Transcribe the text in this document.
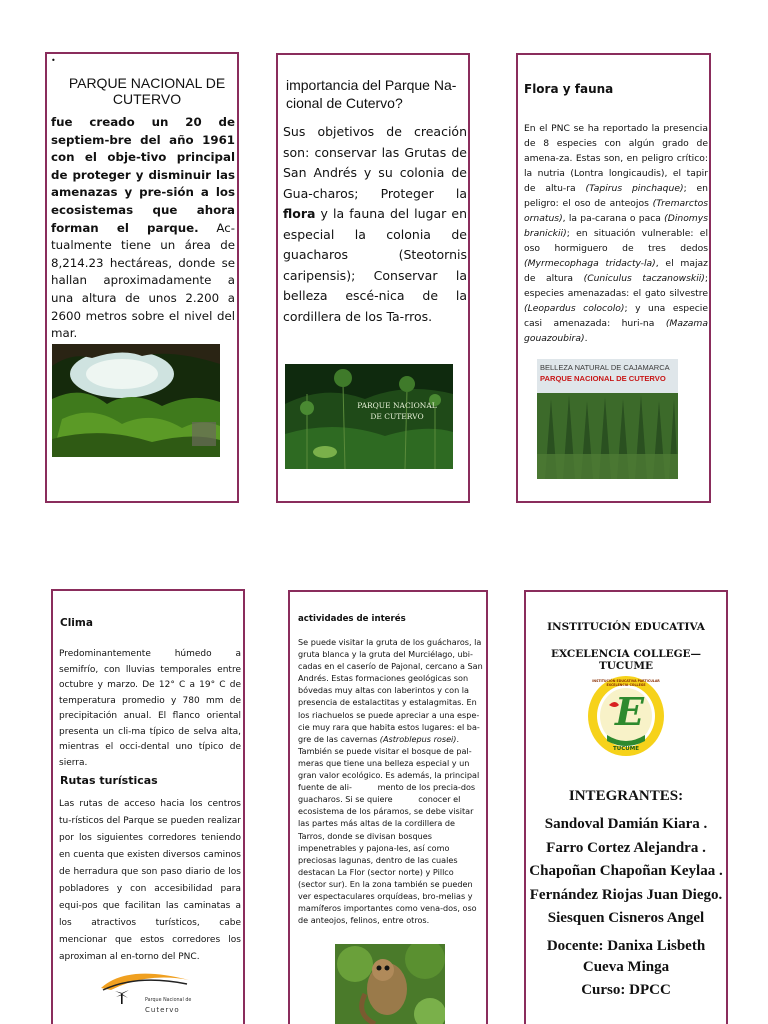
•
PARQUE NACIONAL DE
CUTERVO
fue creado un 20 de septiem-bre del año 1961 con el obje-tivo principal de proteger y disminuir las amenazas y pre-sión a los ecosistemas que ahora forman el parque. Ac-tualmente tiene un área de 8,214.23 hectáreas, donde se hallan aproximadamente a una altura de unos 2.200 a 2600 metros sobre el nivel del mar.
importancia del Parque Na-cional de Cutervo?
Sus objetivos de creación son: conservar las Grutas de San Andrés y su colonia de Gua-charos; Proteger la flora y la fauna del lugar en especial la colonia de guacharos (Steotornis caripensis); Conservar la belleza escé-nica de la cordillera de los Ta-rros.
PARQUE NACIONAL
DE CUTERVO
Flora y fauna
En el PNC se ha reportado la presencia de 8 especies con algún grado de amena-za. Estas son, en peligro crítico: la nutria (Lontra longicaudis), el tapir de altu-ra (Tapirus pinchaque); en peligro: el oso de anteojos (Tremarctos ornatus), la pa-carana o paca (Dinomys branickii); en situación vulnerable: el oso hormiguero de tres dedos (Myrmecophaga tridacty-la), el majaz de altura (Cuniculus taczanowskii); especies amenazadas: el gato silvestre (Leopardus colocolo); y una especie casi amenazada: huri-na (Mazama gouazoubira).
BELLEZA NATURAL DE CAJAMARCA
PARQUE NACIONAL DE CUTERVO
Clima
Predominantemente húmedo a semifrío, con lluvias temporales entre octubre y marzo. De 12° C a 19° C de temperatura promedio y 780 mm de precipitación anual. El flanco oriental presenta un cli-ma típico de selva alta, mientras el occi-dental uno típico de sierra.
Rutas turísticas
Las rutas de acceso hacia los centros tu-rísticos del Parque se pueden realizar por los siguientes corredores teniendo en cuenta que existen diversos caminos de herradura que son paso diario de los pobladores y con accesibilidad para equi-pos que facilitan las caminatas a los atractivos turísticos, cabe mencionar que estos corredores los aproximan al en-torno del PNC.
Parque Nacional de
Cutervo
actividades de interés
Se puede visitar la gruta de los guácharos, la gruta blanca y la gruta del Murciélago, ubi-cadas en el caserío de Pajonal, cercano a San Andrés. Estas formaciones geológicas son bóvedas muy altas con laberintos y con la presencia de estalactitas y estalagmitas. En los riachuelos se puede apreciar a una espe-cie muy rara que habita estos lugares: el ba-gre de las cavernas (Astroblepus rosei). También se puede visitar el bosque de pal-meras que tiene una belleza especial y un gran valor ecológico. Es además, la principal fuente de ali-          mento de los precia-dos guacharos. Si se quiere          conocer el ecosistema de los páramos, se debe visitar las partes más altas de la cordillera de Tarros, donde se divisan bosques impenetrables y pajona-les, así como preciosas lagunas, dentro de las cuales destacan La Flor (sector norte) y Pillco (sector sur). En la zona también se pueden ver espectaculares orquídeas, bro-melias y mamíferos importantes como vena-dos, oso de anteojos, felinos, entre otros.
INSTITUCIÓN EDUCATIVA
EXCELENCIA COLLEGE—TUCUME
E
TUCUME
INSTITUCIÓN EDUCATIVA PARTICULAR EXCELENCIA COLLEGE
INTEGRANTES:
Sandoval Damián Kiara .
Farro Cortez Alejandra .
Chapoñan Chapoñan Keylaa .
Fernández Riojas Juan Diego.
Siesquen Cisneros Angel
Docente: Danixa Lisbeth Cueva Minga
Curso: DPCC
